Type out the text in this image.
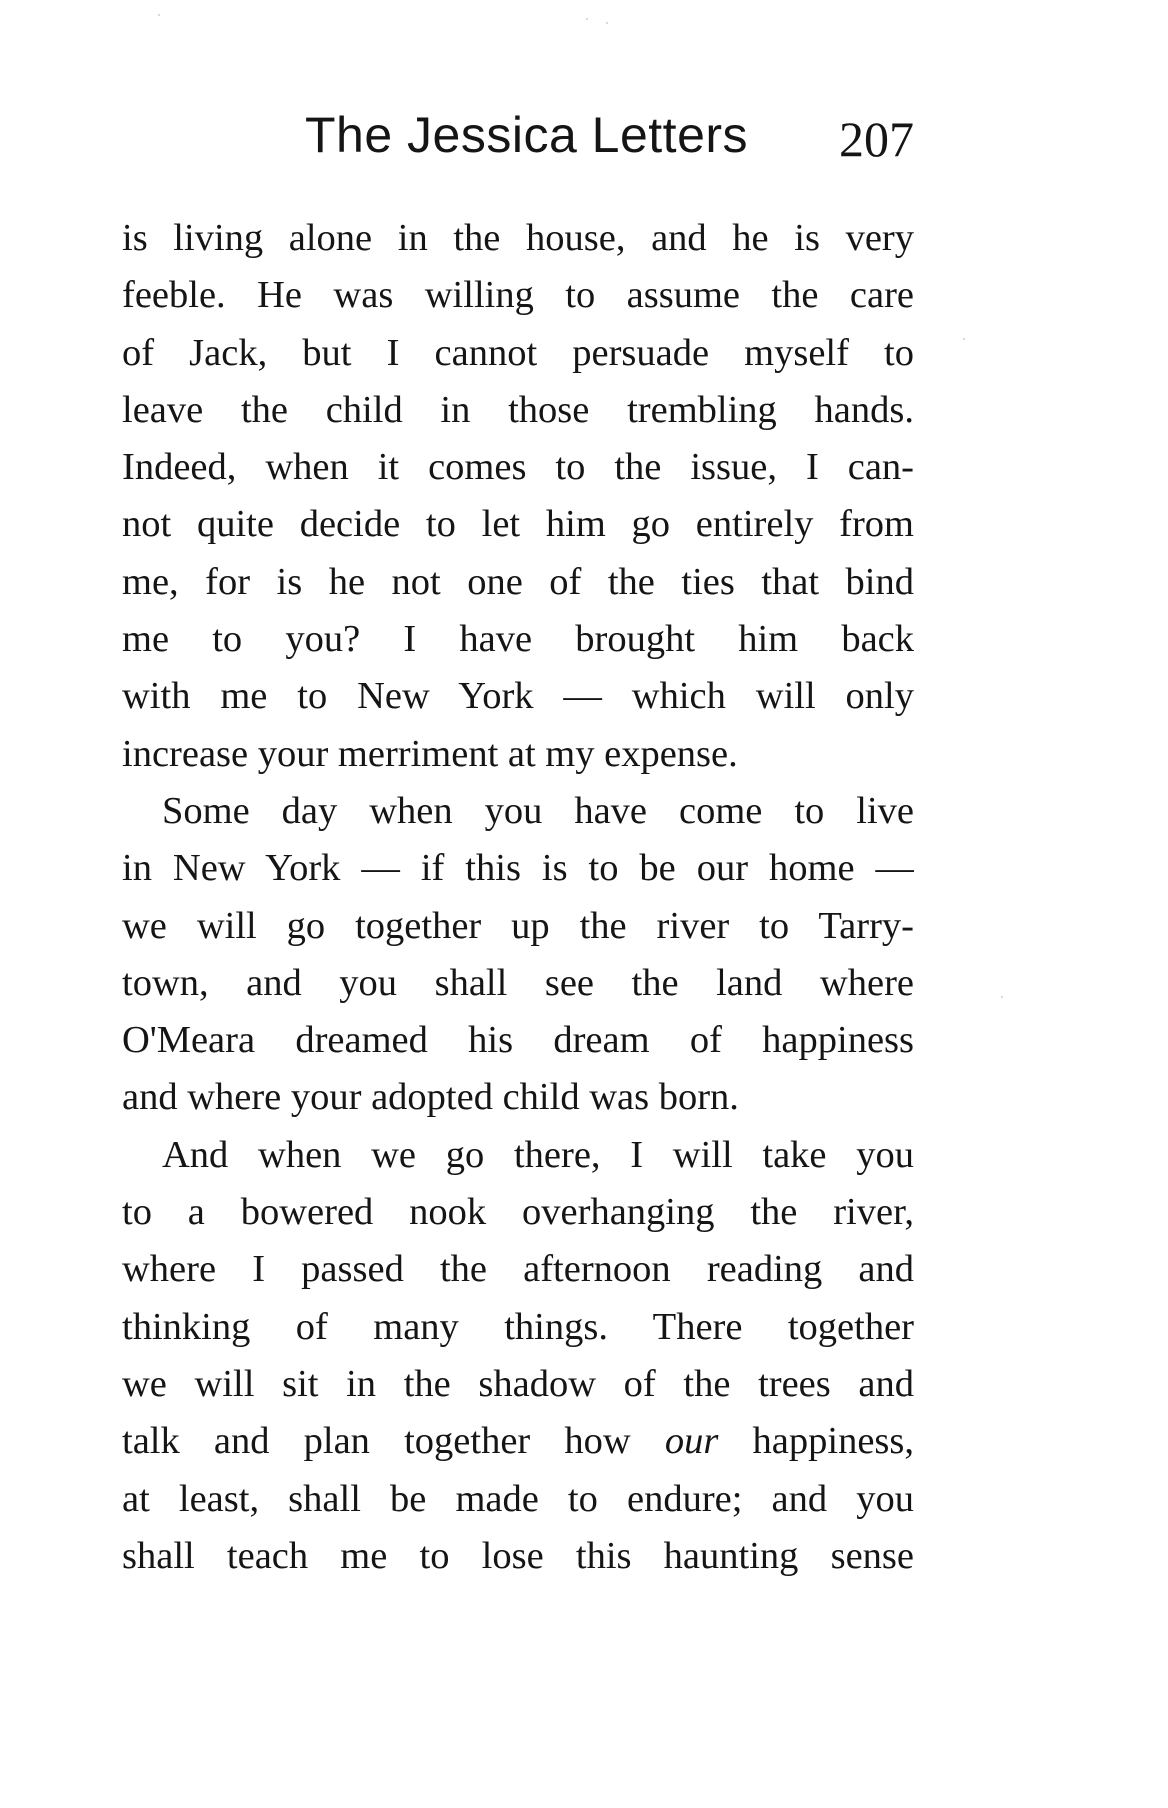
The Jessica Letters 207
is living alone in the house, and he is very
feeble. He was willing to assume the care
of Jack, but I cannot persuade myself to
leave the child in those trembling hands.
Indeed, when it comes to the issue, I can-
not quite decide to let him go entirely from
me, for is he not one of the ties that bind
me to you? I have brought him back
with me to New York — which will only
increase your merriment at my expense.
Some day when you have come to live
in New York — if this is to be our home —
we will go together up the river to Tarry-
town, and you shall see the land where
O'Meara dreamed his dream of happiness
and where your adopted child was born.
And when we go there, I will take you
to a bowered nook overhanging the river,
where I passed the afternoon reading and
thinking of many things. There together
we will sit in the shadow of the trees and
talk and plan together how our happiness,
at least, shall be made to endure; and you
shall teach me to lose this haunting sense
